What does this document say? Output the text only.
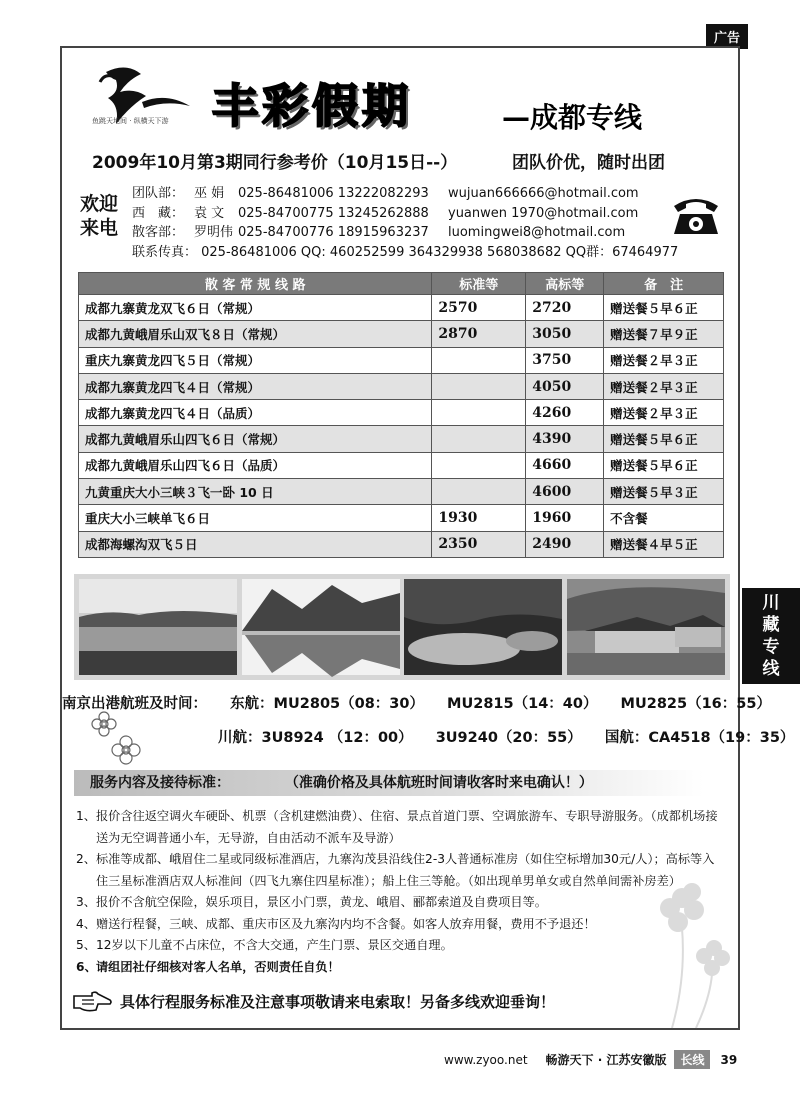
广告
鱼跳天地间 · 纵横天下游 丰彩假期	—成都专线
2009年10月第3期同行参考价（10月15日--）	团队价优，随时出团
欢迎
来电
团队部： 巫 娟	025-86481006 13222082293	wujuan666666@hotmail.com
西　藏： 袁 文	025-84700775 13245262888	yuanwen 1970@hotmail.com
散客部： 罗明伟 025-84700776 18915963237	luomingwei8@hotmail.com
联系传真： 025-86481006 QQ: 460252599 364329938 568038682 QQ群：67464977
散 客 常 规 线 路	标准等	高标等	备　注
成都九寨黄龙双飞６日（常规）	2570	2720	赠送餐５早６正
成都九黄峨眉乐山双飞８日（常规）	2870	3050	赠送餐７早９正
重庆九寨黄龙四飞５日（常规）		3750	赠送餐２早３正
成都九寨黄龙四飞４日（常规）		4050	赠送餐２早３正
成都九寨黄龙四飞４日（品质）		4260	赠送餐２早３正
成都九黄峨眉乐山四飞６日（常规）		4390	赠送餐５早６正
成都九黄峨眉乐山四飞６日（品质）		4660	赠送餐５早６正
九黄重庆大小三峡３飞一卧 10 日		4600	赠送餐５早３正
重庆大小三峡单飞６日	1930	1960	不含餐
成都海螺沟双飞５日	2350	2490	赠送餐４早５正
南京出港航班及时间： 东航：MU2805（08：30） MU2815（14：40） MU2825（16：55）
川航：3U8924 （12：00） 3U9240（20：55） 国航：CA4518（19：35）
服务内容及接待标准：	（准确价格及具体航班时间请收客时来电确认！）
1、 报价含往返空调火车硬卧、机票（含机建燃油费）、住宿、景点首道门票、空调旅游车、专职导游服务。（成都机场接送为无空调普通小车，无导游，自由活动不派车及导游）
2、 标准等成都、峨眉住二星或同级标准酒店，九寨沟茂县沿线住2-3人普通标准房（如住空标增加30元/人）；高标等入住三星标准酒店双人标准间（四飞九寨住四星标准）；船上住三等舱。（如出现单男单女或自然单间需补房差）
3、 报价不含航空保险，娱乐项目，景区小门票，黄龙、峨眉、郦都索道及自费项目等。
4、 赠送行程餐，三峡、成都、重庆市区及九寨沟内均不含餐。如客人放弃用餐，费用不予退还！
5、 12岁以下儿童不占床位，不含大交通，产生门票、景区交通自理。
6、 请组团社仔细核对客人名单，否则责任自负！
具体行程服务标准及注意事项敬请来电索取！另备多线欢迎垂询！
川
藏
专
线
www.zyoo.net 畅游天下 · 江苏安徽版	长线	39
